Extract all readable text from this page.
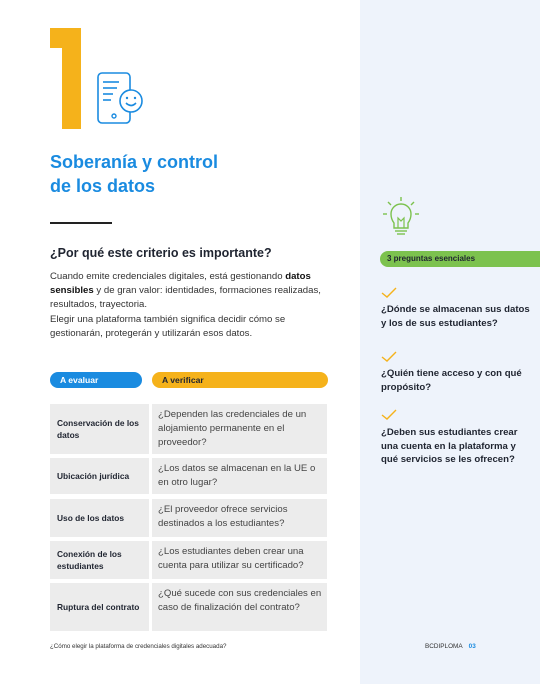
Soberanía y control
de los datos
¿Por qué este criterio es importante?
Cuando emite credenciales digitales, está gestionando datos sensibles y de gran valor: identidades, formaciones realizadas, resultados, trayectoria.
Elegir una plataforma también significa decidir cómo se gestionarán, protegerán y utilizarán esos datos.
A evaluar	A verificar
Conservación de los datos
¿Dependen las credenciales de un alojamiento permanente en el proveedor?
Ubicación jurídica
¿Los datos se almacenan en la UE o en otro lugar?
Uso de los datos
¿El proveedor ofrece servicios destinados a los estudiantes?
Conexión de los estudiantes
¿Los estudiantes deben crear una cuenta para utilizar su certificado?
Ruptura del contrato
¿Qué sucede con sus credenciales en caso de finalización del contrato?
3 preguntas esenciales
¿Dónde se almacenan sus datos y los de sus estudiantes?
¿Quién tiene acceso y con qué propósito?
¿Deben sus estudiantes crear una cuenta en la plataforma y qué servicios se les ofrecen?
¿Cómo elegir la plataforma de credenciales digitales adecuada?	BCDIPLOMA 03
